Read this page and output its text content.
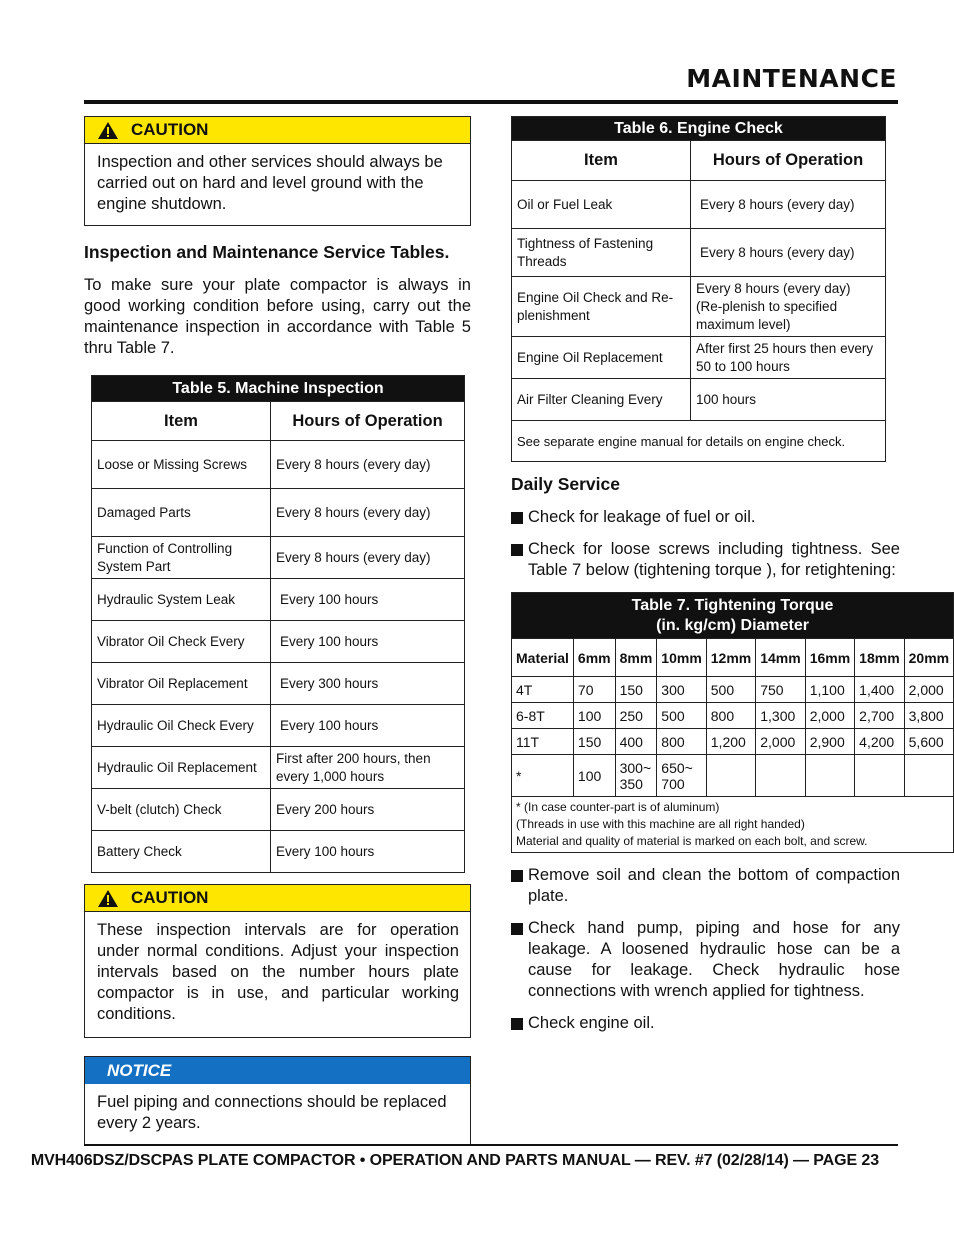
MAINTENANCE
CAUTION
Inspection and other services should always be carried out on hard and level ground with the engine shutdown.
Inspection and Maintenance Service Tables.
To make sure your plate compactor is always in good working condition before using, carry out the maintenance inspection in accordance with Table 5 thru Table 7.
Table 5. Machine Inspection	
Item	Hours of Operation
Loose or Missing Screws	Every 8 hours (every day)
Damaged Parts	Every 8 hours (every day)
Function of Controlling System Part	Every 8 hours (every day)
Hydraulic System Leak	Every 100 hours
Vibrator Oil Check Every	Every 100 hours
Vibrator Oil Replacement	Every 300 hours
Hydraulic Oil Check Every	Every 100 hours
Hydraulic Oil Replacement	First after 200 hours, then every 1,000 hours
V-belt (clutch) Check	Every 200 hours
Battery Check	Every 100 hours
CAUTION
These inspection intervals are for operation under normal conditions. Adjust your inspection intervals based on the number hours plate compactor is in use, and particular working conditions.
NOTICE
Fuel piping and connections should be replaced every 2 years.
Table 6. Engine Check	
Item	Hours of Operation
Oil or Fuel Leak	Every 8 hours (every day)
Tightness of Fastening Threads	Every 8 hours (every day)
Engine Oil Check and Re-plenishment	Every 8 hours (every day) (Re-plenish to specified maximum level)
Engine Oil Replacement	After first 25 hours then every 50 to 100 hours
Air Filter Cleaning Every	100 hours
See separate engine manual for details on engine check.	
Daily Service
Check for leakage of fuel or oil.
Check for loose screws including tightness. See Table 7 below (tightening torque ), for retightening:
Table 7. Tightening Torque
(in. kg/cm) Diameter								

Material	6mm	8mm	10mm	12mm	14mm	16mm	18mm	20mm
4T	70	150	300	500	750	1,100	1,400	2,000
6-8T	100	250	500	800	1,300	2,000	2,700	3,800
11T	150	400	800	1,200	2,000	2,900	4,200	5,600
*	100	300~ 350	650~ 700					

* (In case counter-part is of aluminum)
(Threads in use with this machine are all right handed)
Material and quality of material is marked on each bolt, and screw.								
Remove soil and clean the bottom of compaction plate.
Check hand pump, piping and hose for any leakage. A loosened hydraulic hose can be a cause for leakage. Check hydraulic hose connections with wrench applied for tightness.
Check engine oil.
MVH406DSZ/DSCPAS PLATE COMPACTOR • OPERATION AND PARTS MANUAL — REV. #7 (02/28/14) — PAGE 23
